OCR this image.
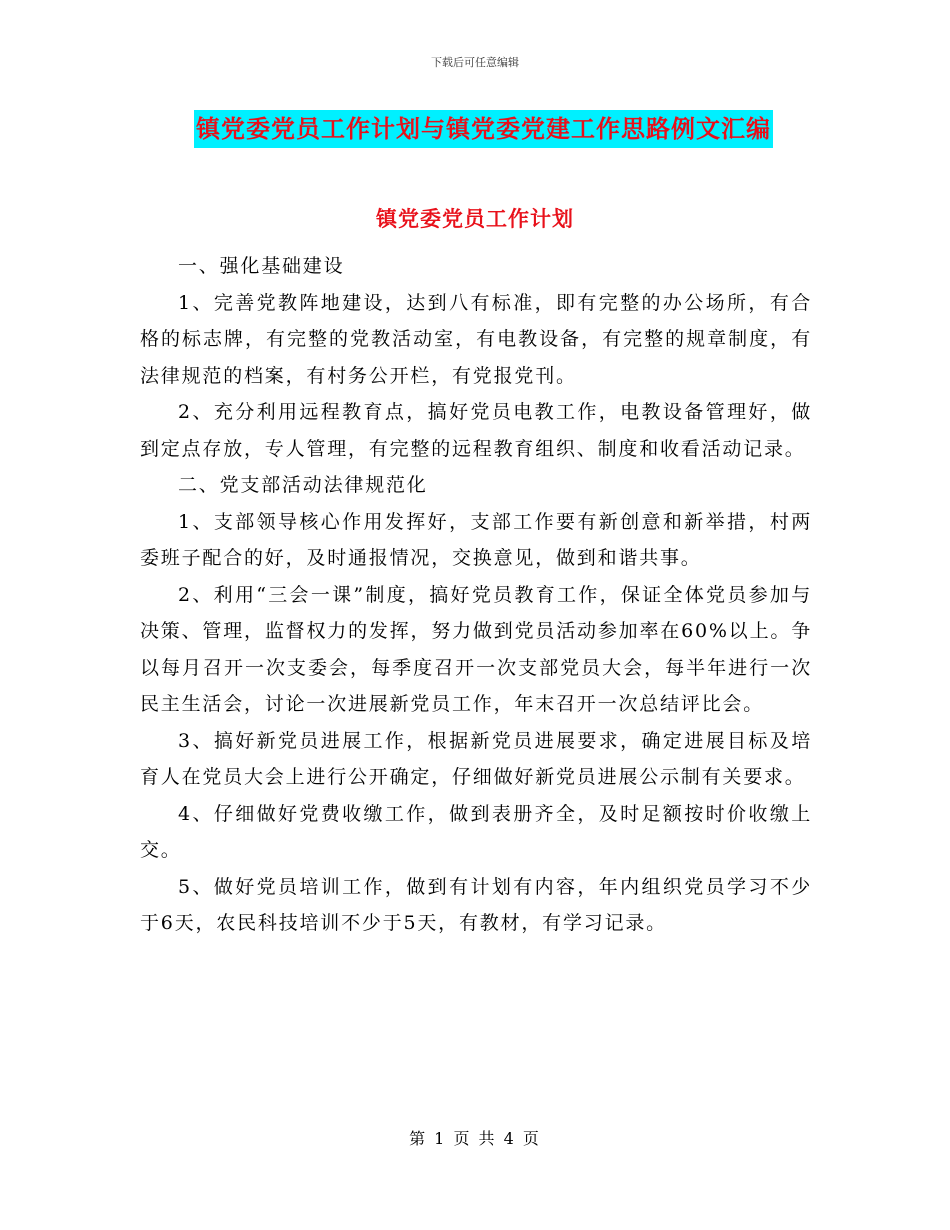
下载后可任意编辑
镇党委党员工作计划与镇党委党建工作思路例文汇编
镇党委党员工作计划

一、强化基础建设

1、完善党教阵地建设，达到八有标准，即有完整的办公场所，有合格的标志牌，有完整的党教活动室，有电教设备，有完整的规章制度，有法律规范的档案，有村务公开栏，有党报党刊。

2、充分利用远程教育点，搞好党员电教工作，电教设备管理好，做到定点存放，专人管理，有完整的远程教育组织、制度和收看活动记录。

二、党支部活动法律规范化

1、支部领导核心作用发挥好，支部工作要有新创意和新举措，村两委班子配合的好，及时通报情况，交换意见，做到和谐共事。

2、利用“三会一课”制度，搞好党员教育工作，保证全体党员参加与决策、管理，监督权力的发挥，努力做到党员活动参加率在60%以上。争以每月召开一次支委会，每季度召开一次支部党员大会，每半年进行一次民主生活会，讨论一次进展新党员工作，年末召开一次总结评比会。

3、搞好新党员进展工作，根据新党员进展要求，确定进展目标及培育人在党员大会上进行公开确定，仔细做好新党员进展公示制有关要求。

4、仔细做好党费收缴工作，做到表册齐全，及时足额按时价收缴上交。

5、做好党员培训工作，做到有计划有内容，年内组织党员学习不少于6天，农民科技培训不少于5天，有教材，有学习记录。

第 1 页 共 4 页
